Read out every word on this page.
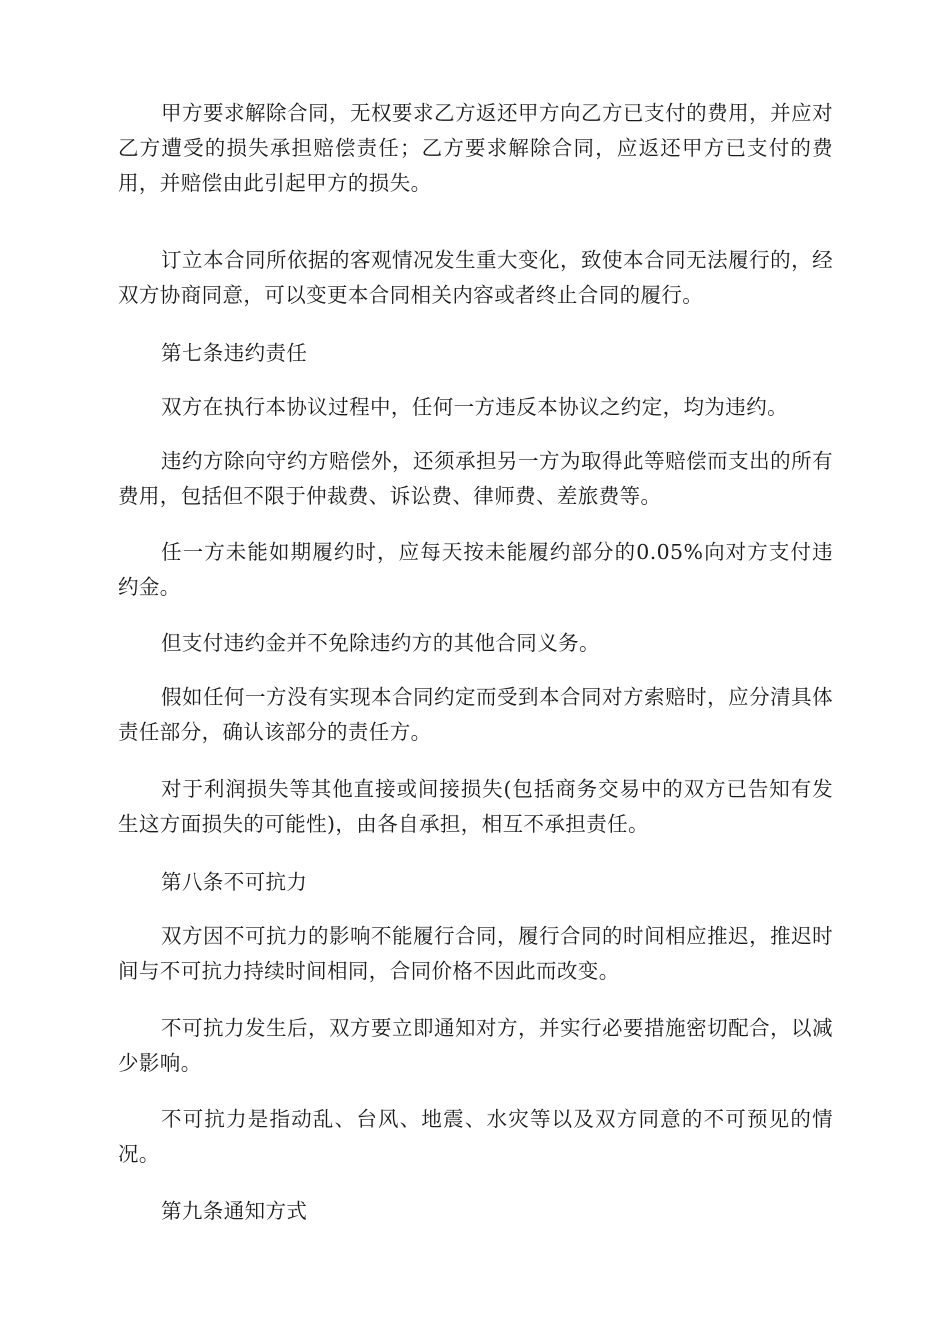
甲方要求解除合同，无权要求乙方返还甲方向乙方已支付的费用，并应对乙方遭受的损失承担赔偿责任；乙方要求解除合同，应返还甲方已支付的费用，并赔偿由此引起甲方的损失。

订立本合同所依据的客观情况发生重大变化，致使本合同无法履行的，经双方协商同意，可以变更本合同相关内容或者终止合同的履行。

第七条违约责任

双方在执行本协议过程中，任何一方违反本协议之约定，均为违约。

违约方除向守约方赔偿外，还须承担另一方为取得此等赔偿而支出的所有费用，包括但不限于仲裁费、诉讼费、律师费、差旅费等。

任一方未能如期履约时，应每天按未能履约部分的0.05%向对方支付违约金。

但支付违约金并不免除违约方的其他合同义务。

假如任何一方没有实现本合同约定而受到本合同对方索赔时，应分清具体责任部分，确认该部分的责任方。

对于利润损失等其他直接或间接损失(包括商务交易中的双方已告知有发生这方面损失的可能性)，由各自承担，相互不承担责任。

第八条不可抗力

双方因不可抗力的影响不能履行合同，履行合同的时间相应推迟，推迟时间与不可抗力持续时间相同，合同价格不因此而改变。

不可抗力发生后，双方要立即通知对方，并实行必要措施密切配合，以减少影响。

不可抗力是指动乱、台风、地震、水灾等以及双方同意的不可预见的情况。

第九条通知方式
